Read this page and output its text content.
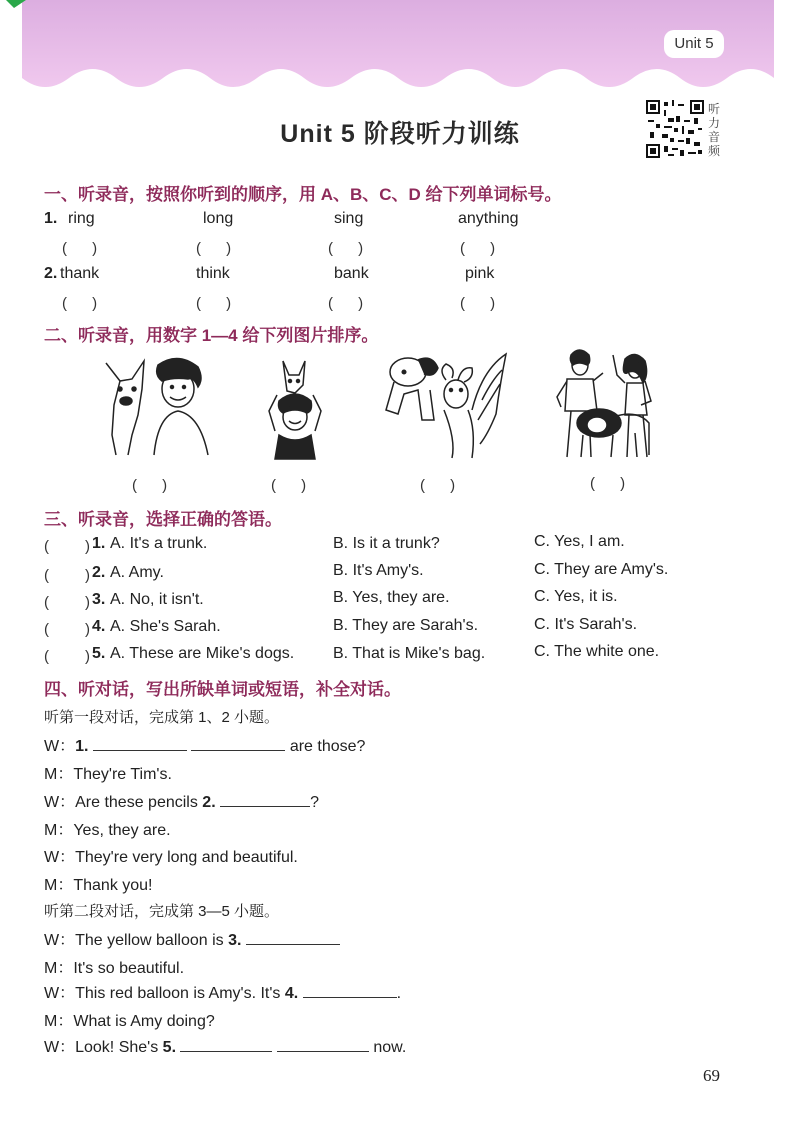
Unit 5
Unit 5 阶段听力训练
听力音频
一、听录音，按照你听到的顺序，用 A、B、C、D 给下列单词标号。
1. ring	long	sing	anything
(　 )	(　 )	(　 )	(　 )
2. thank	think	bank	pink
(　 )	(　 )	(　 )	(　 )
二、听录音，用数字 1—4 给下列图片排序。
(　 )	(　 )	(　 )	(　 )
三、听录音，选择正确的答语。
(　　) 1. A. It's a trunk.	B. Is it a trunk?	C. Yes, I am.
(　　) 2. A. Amy.	B. It's Amy's.	C. They are Amy's.
(　　) 3. A. No, it isn't.	B. Yes, they are.	C. Yes, it is.
(　　) 4. A. She's Sarah.	B. They are Sarah's.	C. It's Sarah's.
(　　) 5. A. These are Mike's dogs. B. That is Mike's bag.	C. The white one.
四、听对话，写出所缺单词或短语，补全对话。
听第一段对话，完成第 1、2 小题。
W：1.	are those?
M：They're Tim's.
W：Are these pencils 2.	?
M：Yes, they are.
W：They're very long and beautiful.
M：Thank you!
听第二段对话，完成第 3—5 小题。
W：The yellow balloon is 3.
M：It's so beautiful.
W：This red balloon is Amy's. It's 4.	.
M：What is Amy doing?
W：Look! She's 5.	now.
69
